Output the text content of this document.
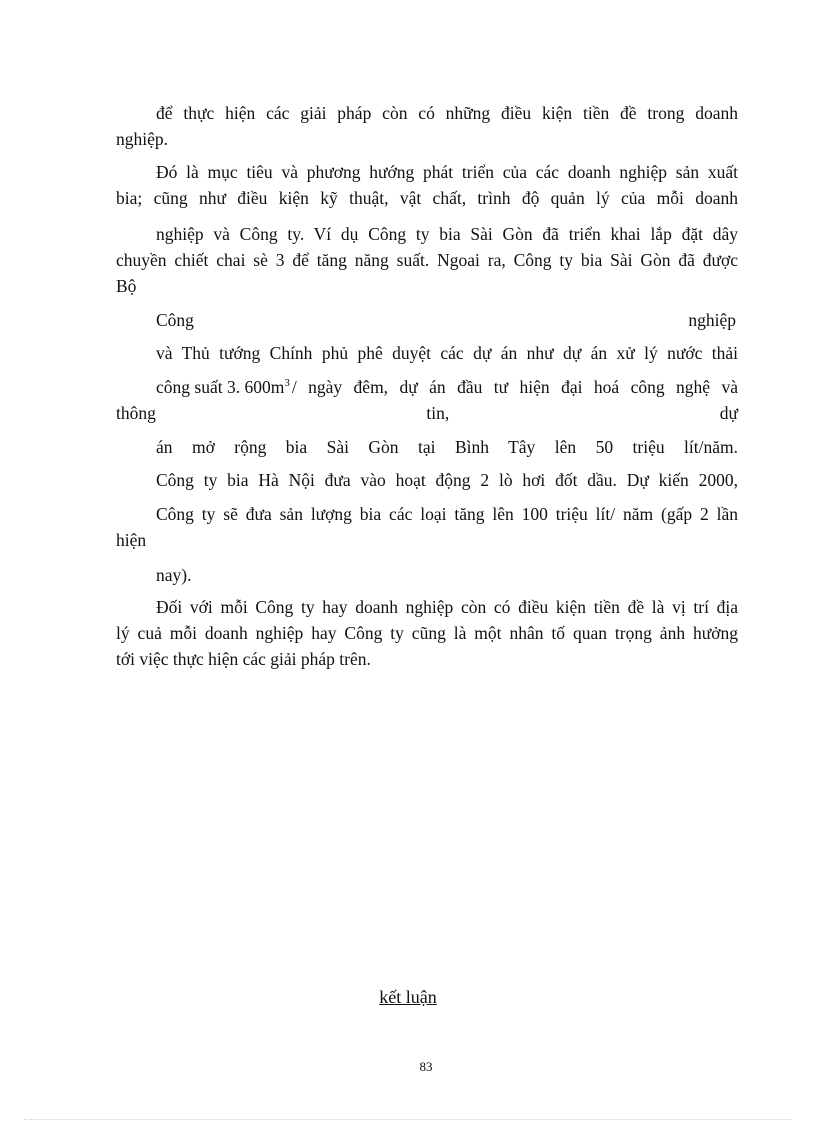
để thực hiện các giải pháp còn có những điều kiện tiền đề trong doanh

nghiệp.

Đó là mục tiêu và phương hướng phát triển của các doanh nghiệp sản xuất

bia; cũng như điều kiện kỹ thuật, vật chất, trình độ quản lý của mỗi doanh

nghiệp và Công ty. Ví dụ Công ty bia Sài Gòn đã triển khai lắp đặt dây

chuyền chiết chai sè 3 để tăng năng suất. Ngoai ra, Công ty bia Sài Gòn đã được

Bộ

Công nghiệp

và Thủ tướng Chính phủ phê duyệt các dự án như dự án xử lý nước thải

công suất 3. $600m^3$ / ngày đêm, dự án đầu tư hiện đại hoá công nghệ và

thông tin, dự

án mở rộng bia Sài Gòn tại Bình Tây lên 50 triệu lít/năm.

Công ty bia Hà Nội đưa vào hoạt động 2 lò hơi đốt dầu. Dự kiến 2000,

Công ty sẽ đưa sản lượng bia các loại tăng lên 100 triệu lít/ năm (gấp 2 lần

hiện

nay).

Đối với mỗi Công ty hay doanh nghiệp còn có điều kiện tiền đề là vị trí địa

lý cuả mỗi doanh nghiệp hay Công ty cũng là một nhân tố quan trọng ảnh hưởng

tới việc thực hiện các giải pháp trên.

kết luận
83
